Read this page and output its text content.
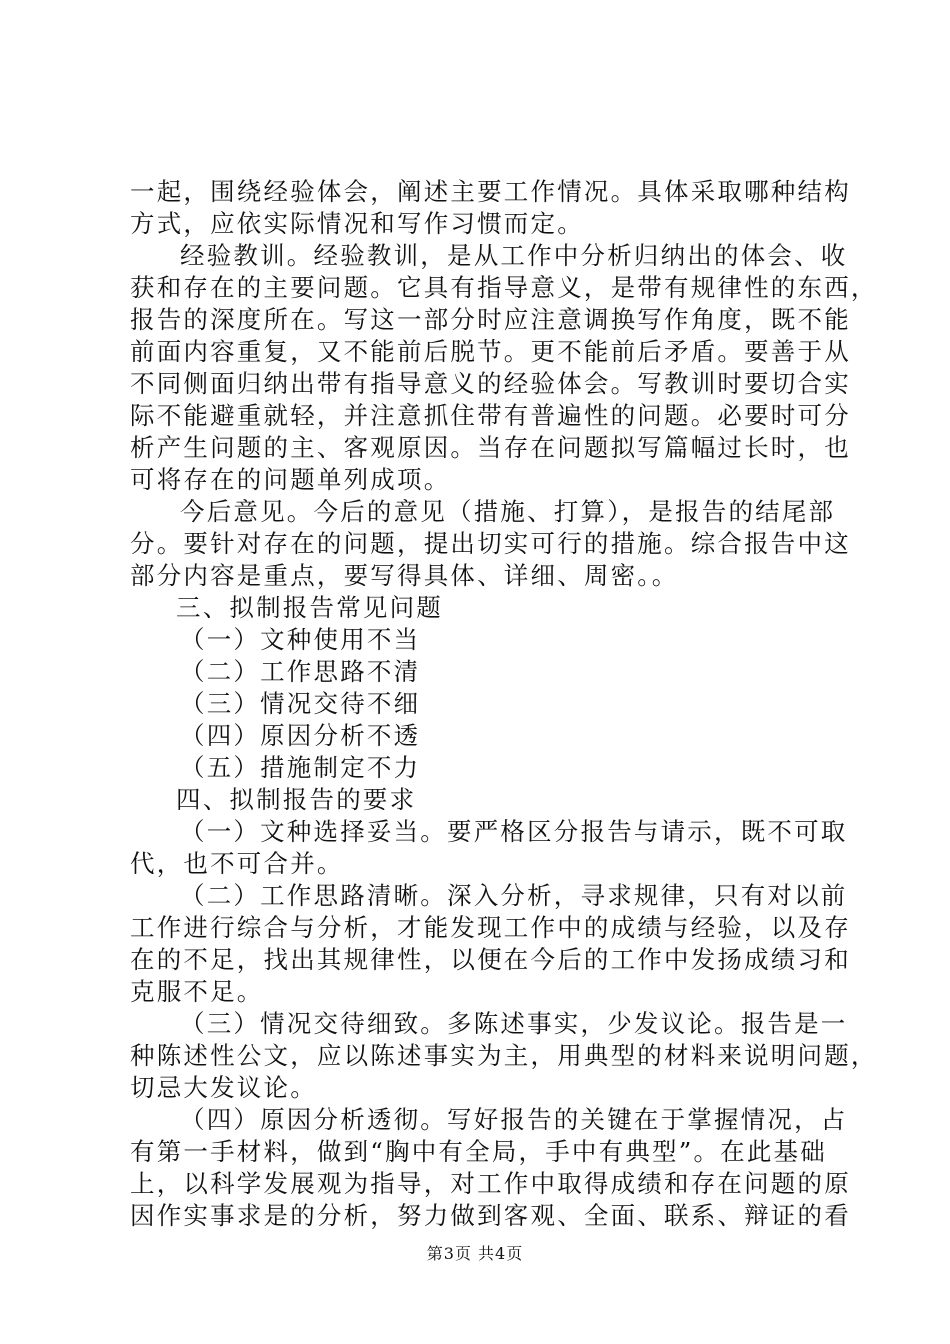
一起，围绕经验体会，阐述主要工作情况。具体采取哪种结构
方式，应依实际情况和写作习惯而定。
经验教训。经验教训，是从工作中分析归纳出的体会、收
获和存在的主要问题。它具有指导意义，是带有规律性的东西，
报告的深度所在。写这一部分时应注意调换写作角度，既不能
前面内容重复，又不能前后脱节。更不能前后矛盾。要善于从
不同侧面归纳出带有指导意义的经验体会。写教训时要切合实
际不能避重就轻，并注意抓住带有普遍性的问题。必要时可分
析产生问题的主、客观原因。当存在问题拟写篇幅过长时，也
可将存在的问题单列成项。
今后意见。今后的意见（措施、打算），是报告的结尾部
分。要针对存在的问题，提出切实可行的措施。综合报告中这
部分内容是重点，要写得具体、详细、周密。。
三、拟制报告常见问题
（一）文种使用不当
（二）工作思路不清
（三）情况交待不细
（四）原因分析不透
（五）措施制定不力
四、拟制报告的要求
（一）文种选择妥当。要严格区分报告与请示，既不可取
代，也不可合并。
（二）工作思路清晰。深入分析，寻求规律，只有对以前
工作进行综合与分析，才能发现工作中的成绩与经验，以及存
在的不足，找出其规律性，以便在今后的工作中发扬成绩习和
克服不足。
（三）情况交待细致。多陈述事实，少发议论。报告是一
种陈述性公文，应以陈述事实为主，用典型的材料来说明问题，
切忌大发议论。
（四）原因分析透彻。写好报告的关键在于掌握情况，占
有第一手材料，做到“胸中有全局，手中有典型”。在此基础
上，以科学发展观为指导，对工作中取得成绩和存在问题的原
因作实事求是的分析，努力做到客观、全面、联系、辩证的看
第3页 共4页
